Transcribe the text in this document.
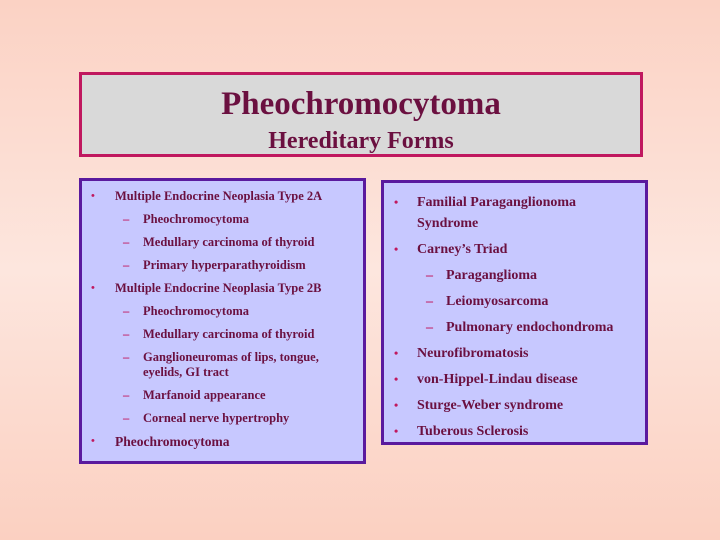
Pheochromocytoma
Hereditary Forms
• Multiple Endocrine Neoplasia Type 2A
– Pheochromocytoma
– Medullary carcinoma of thyroid
– Primary hyperparathyroidism
• Multiple Endocrine Neoplasia Type 2B
– Pheochromocytoma
– Medullary carcinoma of thyroid
– Ganglioneuromas of lips, tongue, eyelids, GI tract
– Marfanoid appearance
– Corneal nerve hypertrophy
• Pheochromocytoma
• Familial Paraganglionoma Syndrome
• Carney’s Triad
– Paraganglioma
– Leiomyosarcoma
– Pulmonary endochondroma
• Neurofibromatosis
• von-Hippel-Lindau disease
• Sturge-Weber syndrome
• Tuberous Sclerosis
